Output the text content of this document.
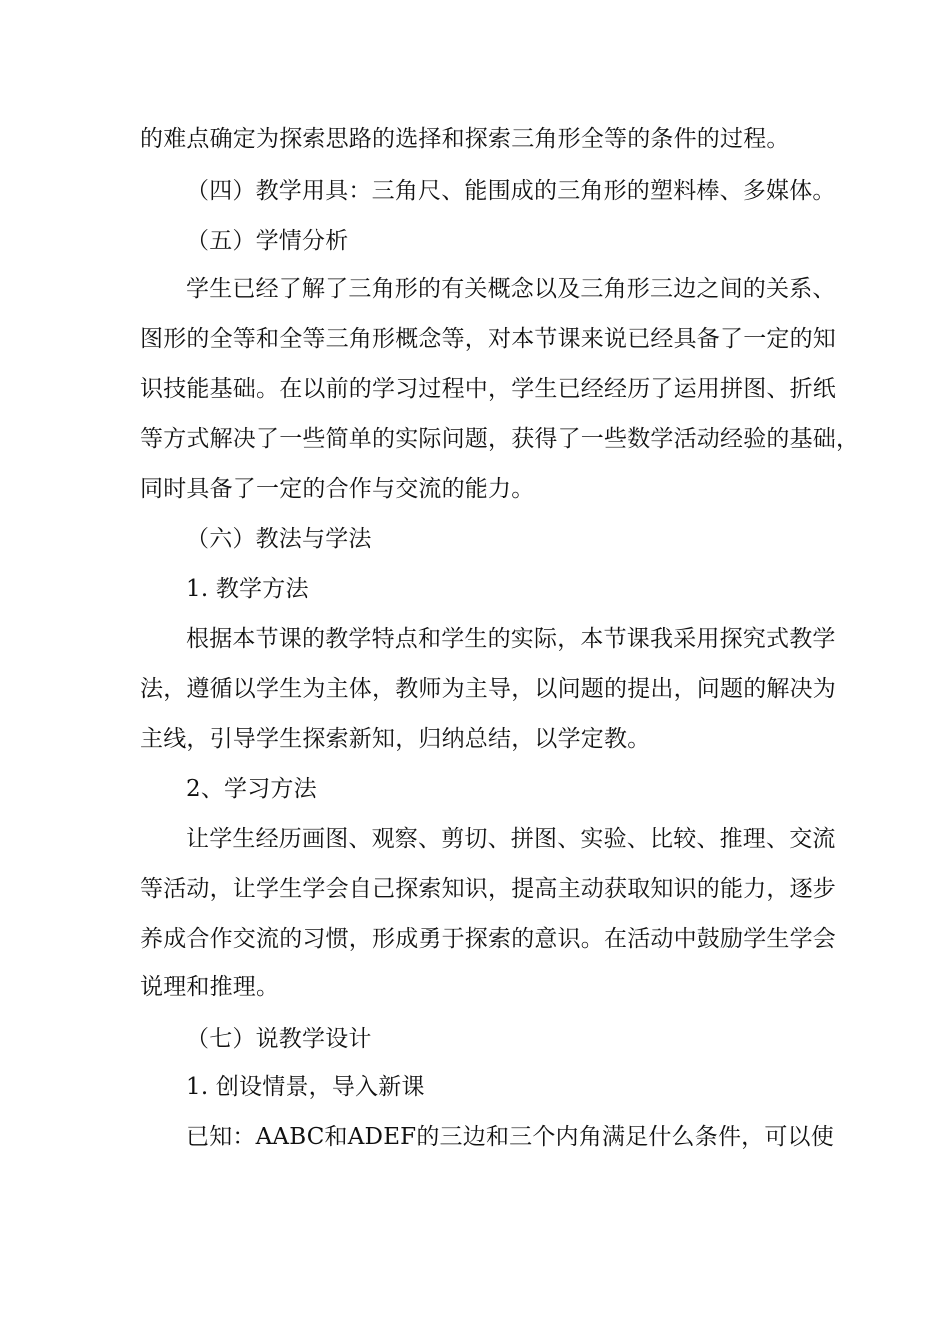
的难点确定为探索思路的选择和探索三角形全等的条件的过程。
（四）教学用具：三角尺、能围成的三角形的塑料棒、多媒体。
（五）学情分析
学生已经了解了三角形的有关概念以及三角形三边之间的关系、
图形的全等和全等三角形概念等，对本节课来说已经具备了一定的知
识技能基础。在以前的学习过程中，学生已经经历了运用拼图、折纸
等方式解决了一些简单的实际问题，获得了一些数学活动经验的基础，
同时具备了一定的合作与交流的能力。
（六）教法与学法
1. 教学方法
根据本节课的教学特点和学生的实际，本节课我采用探究式教学
法，遵循以学生为主体，教师为主导，以问题的提出，问题的解决为
主线，引导学生探索新知，归纳总结，以学定教。
2、学习方法
让学生经历画图、观察、剪切、拼图、实验、比较、推理、交流
等活动，让学生学会自己探索知识，提高主动获取知识的能力，逐步
养成合作交流的习惯，形成勇于探索的意识。在活动中鼓励学生学会
说理和推理。
（七）说教学设计
1. 创设情景，导入新课
已知：AABC和ADEF的三边和三个内角满足什么条件，可以使
